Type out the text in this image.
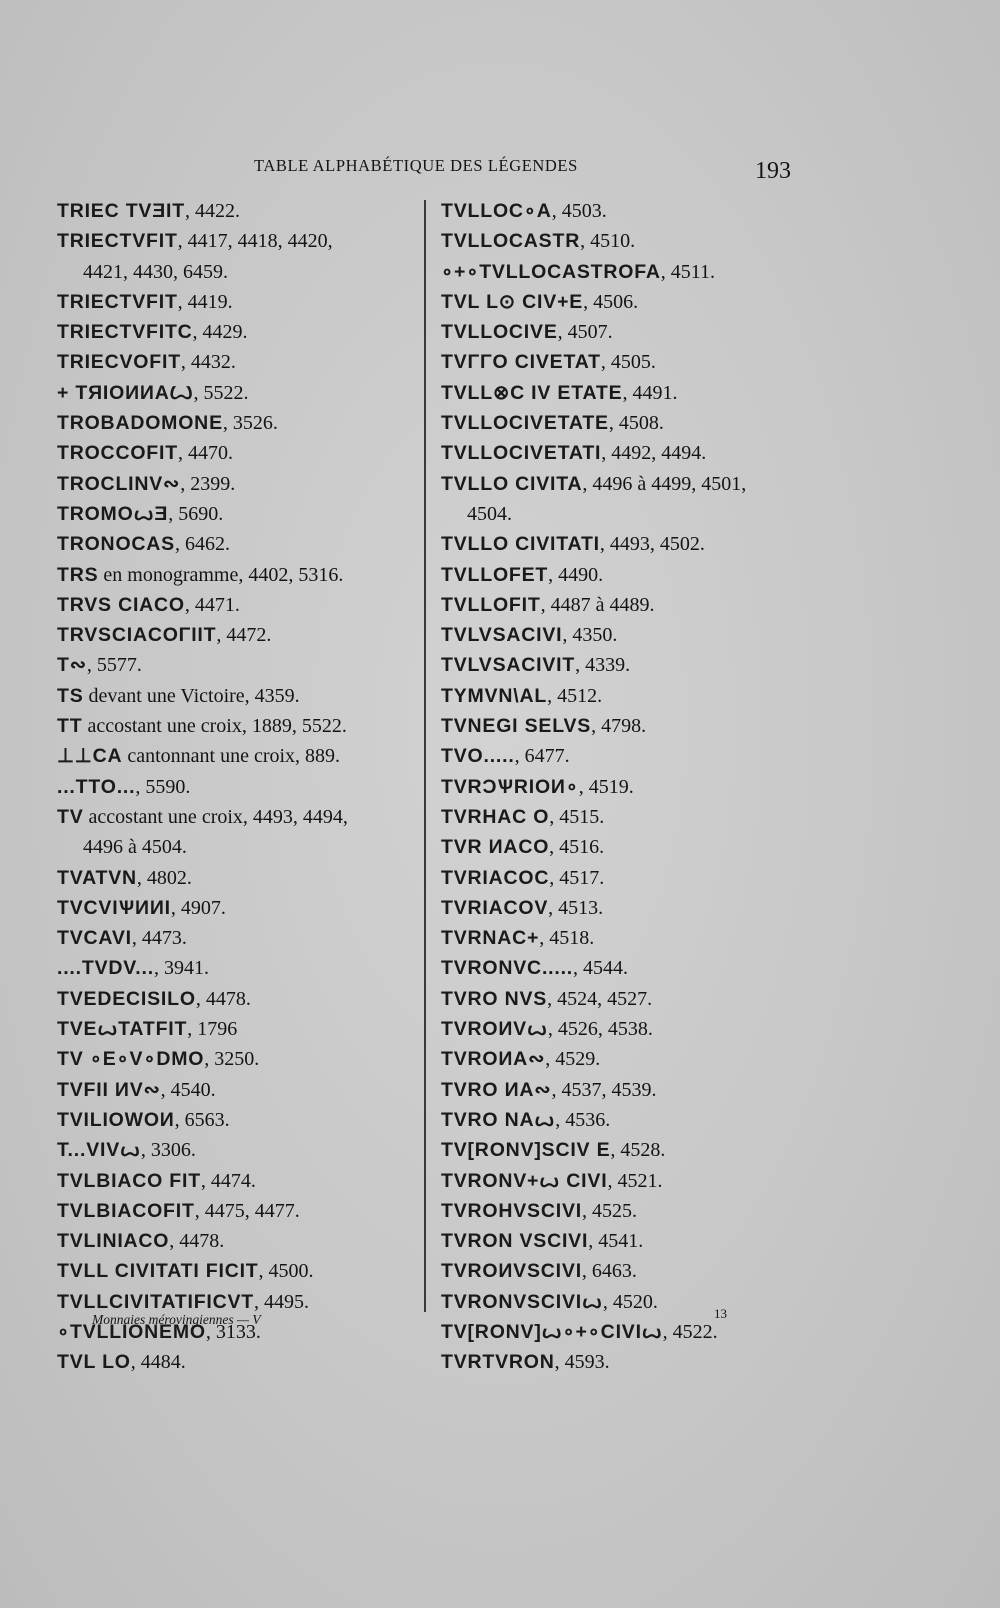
TABLE ALPHABÉTIQUE DES LÉGENDES	193
TRIEC TVƎIT, 4422.
TRIECTVFIT, 4417, 4418, 4420,
4421, 4430, 6459.
TRIECTVFIT, 4419.
TRIECTVFITC, 4429.
TRIECVOFIT, 4432.
+ TЯIOИИAꙌ, 5522.
TROBADOMONE, 3526.
TROCCOFIT, 4470.
TROCLINV∾, 2399.
TROMOꙍƎ, 5690.
TRONOCAS, 6462.
TRS en monogramme, 4402, 5316.
TRVS CIACO, 4471.
TRVSCIACOΓIIT, 4472.
T∾, 5577.
TS devant une Victoire, 4359.
TT accostant une croix, 1889, 5522.
⊥⊥CA cantonnant une croix, 889.
...TTO..., 5590.
TV accostant une croix, 4493, 4494,
4496 à 4504.
TVATVN, 4802.
TVCVIѰИИI, 4907.
TVCAVI, 4473.
....TVDV..., 3941.
TVEDECISILO, 4478.
TVEꙍTATFIT, 1796
TV ∘E∘V∘DMO, 3250.
TVFII ИV∾, 4540.
TVILIOWOИ, 6563.
T...VIVꙍ, 3306.
TVLBIACO FIT, 4474.
TVLBIACOFIT, 4475, 4477.
TVLINIACO, 4478.
TVLL CIVITATI FICIT, 4500.
TVLLCIVITATIFICVT, 4495.
∘TVLLIONEMO, 3133.
TVL LO, 4484.
TVLLOC∘A, 4503.
TVLLOCASTR, 4510.
∘+∘TVLLOCASTROFA, 4511.
TVL L⊙ CIV+E, 4506.
TVLLOCIVE, 4507.
TVΓΓO CIVETAT, 4505.
TVLL⊗C IV ETATE, 4491.
TVLLOCIVETATE, 4508.
TVLLOCIVETATI, 4492, 4494.
TVLLO CIVITA, 4496 à 4499, 4501,
4504.
TVLLO CIVITATI, 4493, 4502.
TVLLOFET, 4490.
TVLLOFIT, 4487 à 4489.
TVLVSACIVI, 4350.
TVLVSACIVIT, 4339.
TYMVN\AL, 4512.
TVNEGI SELVS, 4798.
TVO....., 6477.
TVRƆѰRIOИ∘, 4519.
TVRHAC O, 4515.
TVR ИACO, 4516.
TVRIACOC, 4517.
TVRIACOV, 4513.
TVRNAC+, 4518.
TVRONVC....., 4544.
TVRO NVS, 4524, 4527.
TVROИVꙍ, 4526, 4538.
TVROИA∾, 4529.
TVRO ИA∾, 4537, 4539.
TVRO NAꙍ, 4536.
TV[RONV]SCIV E, 4528.
TVRONV+ꙍ CIVI, 4521.
TVROHVSCIVI, 4525.
TVRON VSCIVI, 4541.
TVROИVSCIVI, 6463.
TVRONVSCIVIꙍ, 4520.
TV[RONV]ꙍ∘+∘CIVIꙍ, 4522.
TVRTVRON, 4593.
Monnaies mérovingiennes — V	13
